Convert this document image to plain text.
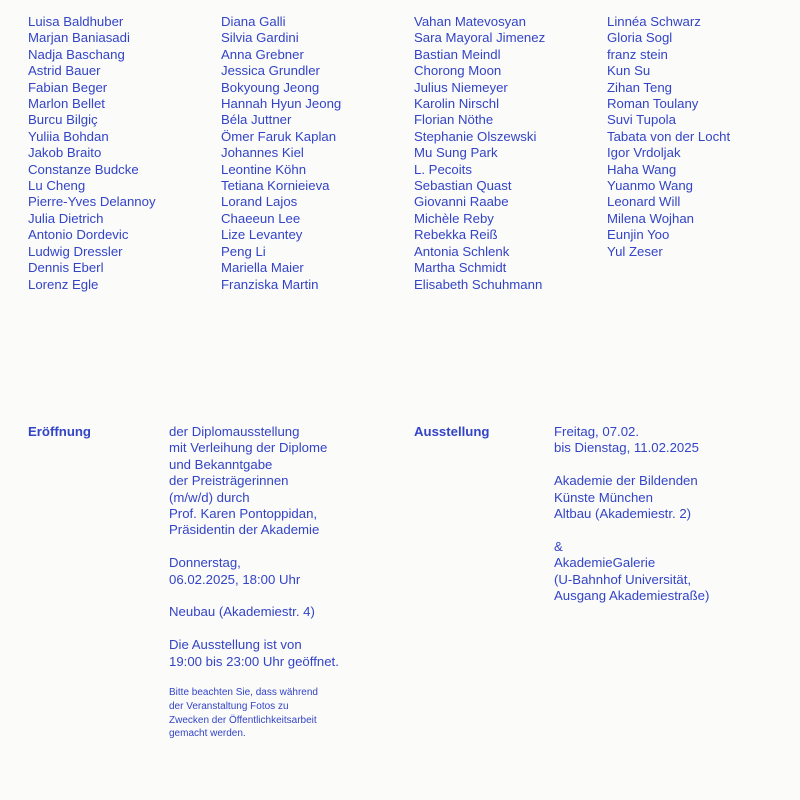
Luisa Baldhuber
Marjan Baniasadi
Nadja Baschang
Astrid Bauer
Fabian Beger
Marlon Bellet
Burcu Bilgiç
Yuliia Bohdan
Jakob Braito
Constanze Budcke
Lu Cheng
Pierre-Yves Delannoy
Julia Dietrich
Antonio Dordevic
Ludwig Dressler
Dennis Eberl
Lorenz Egle
Diana Galli
Silvia Gardini
Anna Grebner
Jessica Grundler
Bokyoung Jeong
Hannah Hyun Jeong
Béla Juttner
Ömer Faruk Kaplan
Johannes Kiel
Leontine Köhn
Tetiana Kornieieva
Lorand Lajos
Chaeeun Lee
Lize Levantey
Peng Li
Mariella Maier
Franziska Martin
Vahan Matevosyan
Sara Mayoral Jimenez
Bastian Meindl
Chorong Moon
Julius Niemeyer
Karolin Nirschl
Florian Nöthe
Stephanie Olszewski
Mu Sung Park
L. Pecoits
Sebastian Quast
Giovanni Raabe
Michèle Reby
Rebekka Reiß
Antonia Schlenk
Martha Schmidt
Elisabeth Schuhmann
Linnéa Schwarz
Gloria Sogl
franz stein
Kun Su
Zihan Teng
Roman Toulany
Suvi Tupola
Tabata von der Locht
Igor Vrdoljak
Haha Wang
Yuanmo Wang
Leonard Will
Milena Wojhan
Eunjin Yoo
Yul Zeser
Eröffnung	der Diplomausstellung
mit Verleihung der Diplome
und Bekanntgabe
der Preisträgerinnen
(m/w/d) durch
Prof. Karen Pontoppidan,
Präsidentin der Akademie

Donnerstag,
06.02.2025, 18:00 Uhr

Neubau (Akademiestr. 4)

Die Ausstellung ist von
19:00 bis 23:00 Uhr geöffnet.

Bitte beachten Sie, dass während
der Veranstaltung Fotos zu
Zwecken der Öffentlichkeitsarbeit
gemacht werden.

Ausstellung	Freitag, 07.02.
bis Dienstag, 11.02.2025

Akademie der Bildenden
Künste München
Altbau (Akademiestr. 2)

&
AkademieGalerie
(U-Bahnhof Universität,
Ausgang Akademiestraße)
